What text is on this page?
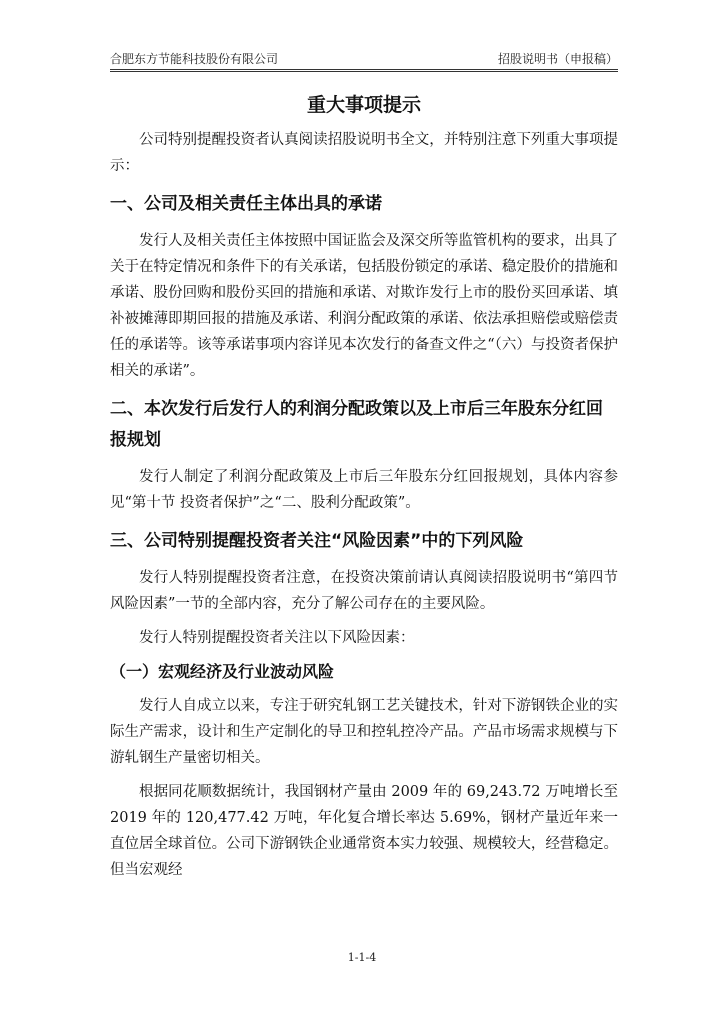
合肥东方节能科技股份有限公司	招股说明书（申报稿）
重大事项提示

公司特别提醒投资者认真阅读招股说明书全文，并特别注意下列重大事项提示：

一、公司及相关责任主体出具的承诺

发行人及相关责任主体按照中国证监会及深交所等监管机构的要求，出具了关于在特定情况和条件下的有关承诺，包括股份锁定的承诺、稳定股价的措施和承诺、股份回购和股份买回的措施和承诺、对欺诈发行上市的股份买回承诺、填补被摊薄即期回报的措施及承诺、利润分配政策的承诺、依法承担赔偿或赔偿责任的承诺等。该等承诺事项内容详见本次发行的备查文件之“（六）与投资者保护相关的承诺”。

二、本次发行后发行人的利润分配政策以及上市后三年股东分红回报规划

发行人制定了利润分配政策及上市后三年股东分红回报规划，具体内容参见“第十节 投资者保护”之“二、股利分配政策”。

三、公司特别提醒投资者关注“风险因素”中的下列风险

发行人特别提醒投资者注意，在投资决策前请认真阅读招股说明书“第四节 风险因素”一节的全部内容，充分了解公司存在的主要风险。

发行人特别提醒投资者关注以下风险因素：

（一）宏观经济及行业波动风险

发行人自成立以来，专注于研究轧钢工艺关键技术，针对下游钢铁企业的实际生产需求，设计和生产定制化的导卫和控轧控冷产品。产品市场需求规模与下游轧钢生产量密切相关。

根据同花顺数据统计，我国钢材产量由 2009 年的 69,243.72 万吨增长至 2019 年的 120,477.42 万吨，年化复合增长率达 5.69%，钢材产量近年来一直位居全球首位。公司下游钢铁企业通常资本实力较强、规模较大，经营稳定。但当宏观经

1-1-4
